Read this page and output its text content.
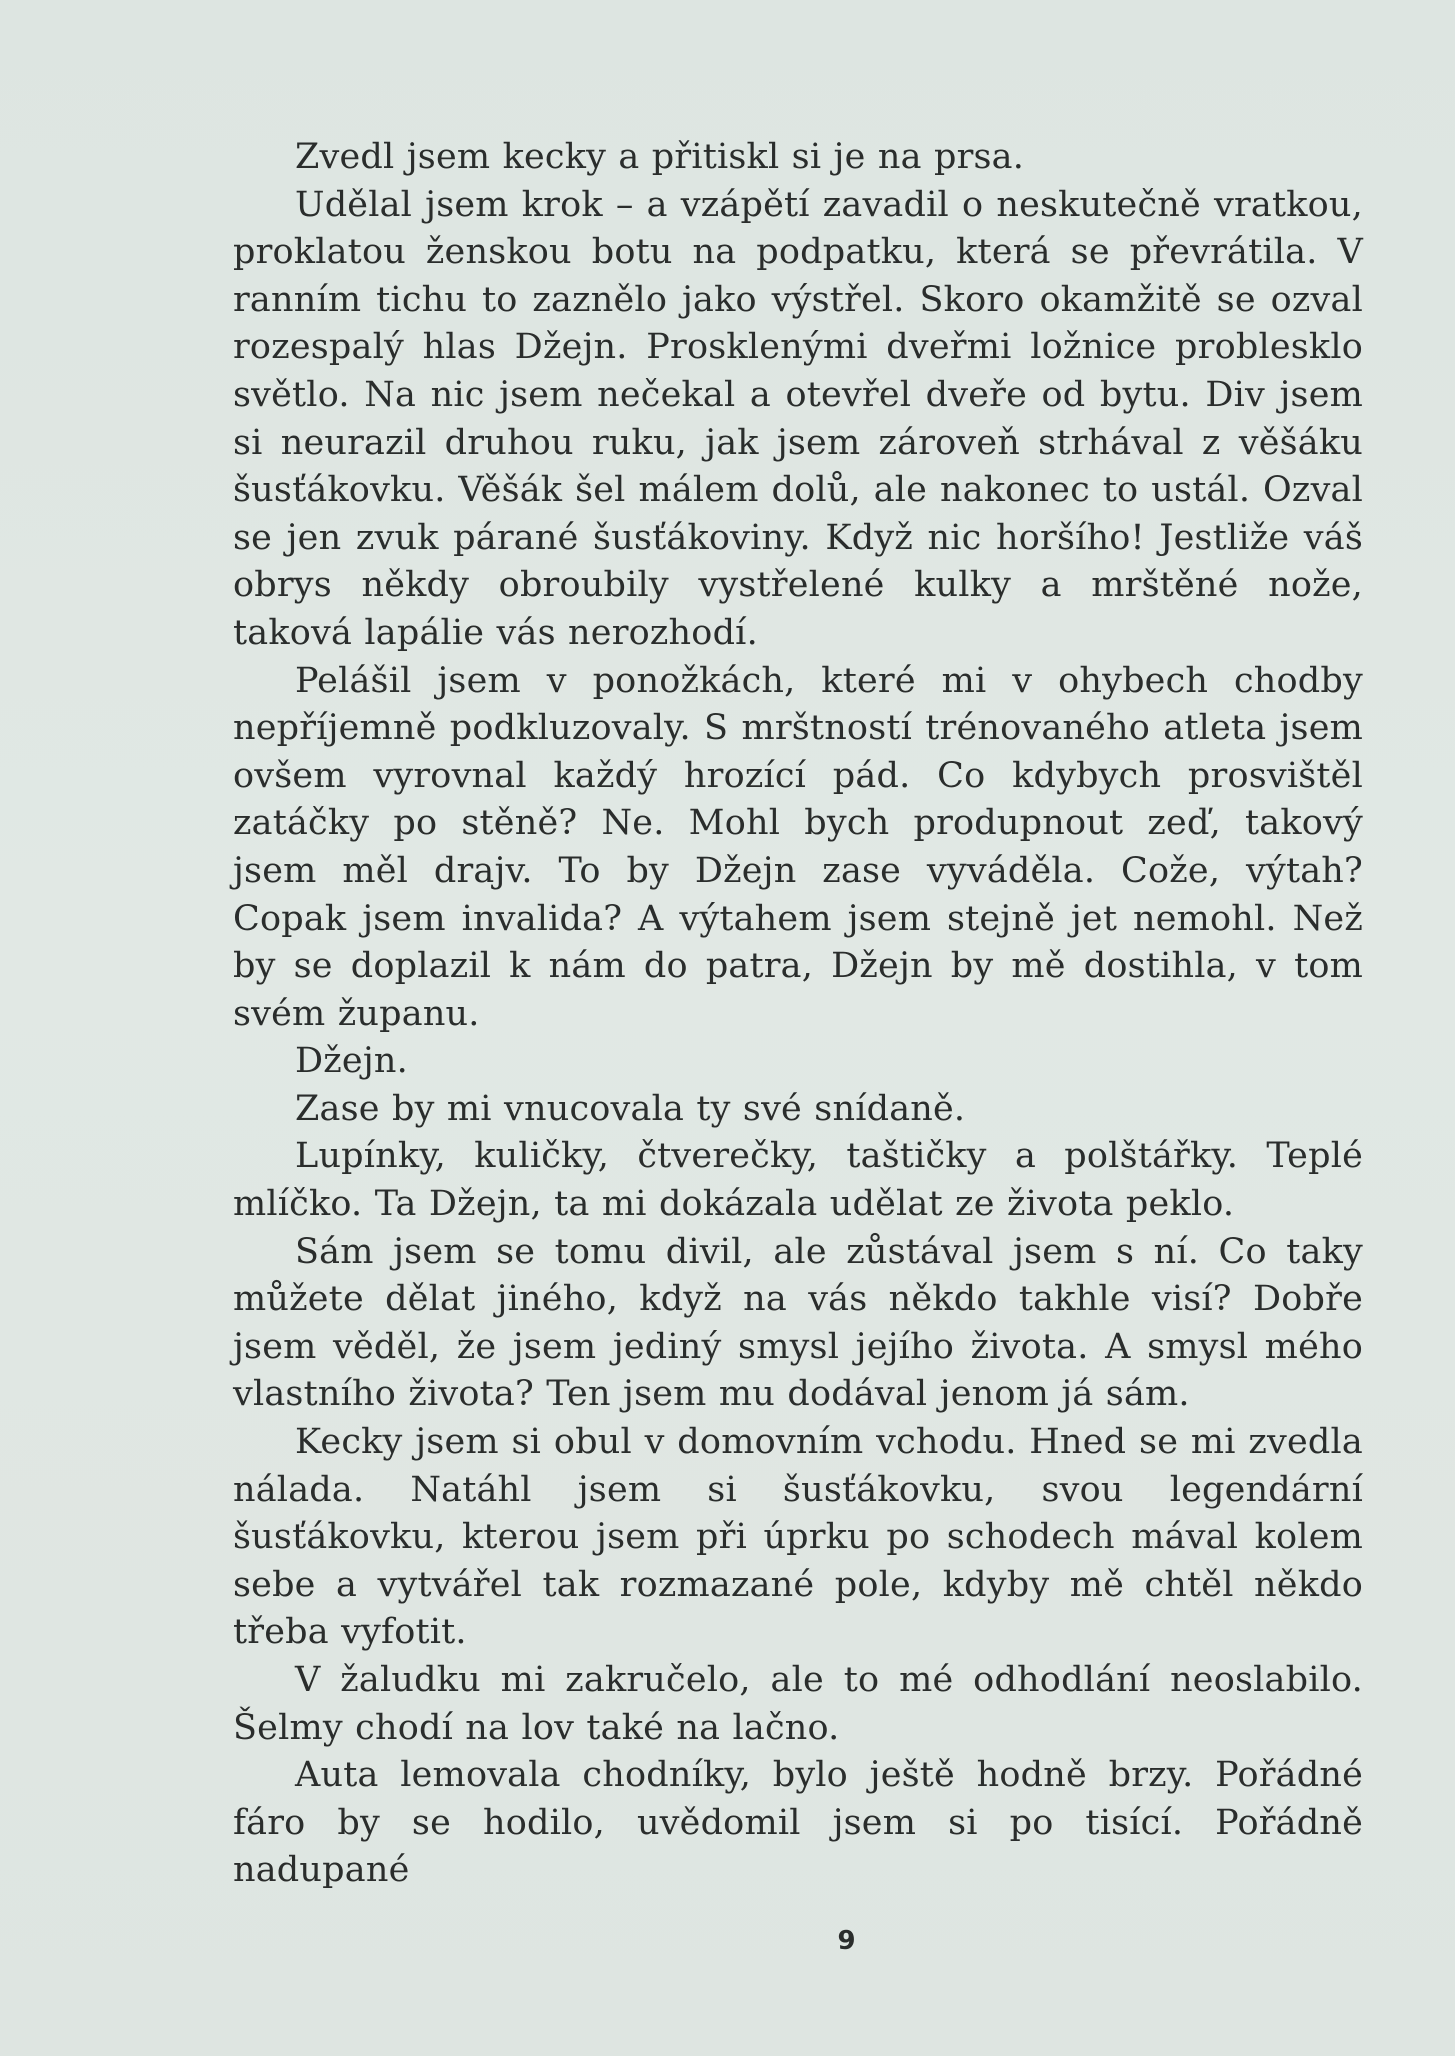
Zvedl jsem kecky a přitiskl si je na prsa.

Udělal jsem krok – a vzápětí zavadil o neskutečně vratkou, proklatou ženskou botu na podpatku, která se převrátila. V ranním tichu to zaznělo jako výstřel. Skoro okamžitě se ozval rozespalý hlas Džejn. Prosklenými dveřmi ložnice problesklo světlo. Na nic jsem nečekal a otevřel dveře od bytu. Div jsem si neurazil druhou ruku, jak jsem zároveň strhával z věšáku šusťákovku. Věšák šel málem dolů, ale nakonec to ustál. Ozval se jen zvuk párané šusťákoviny. Když nic horšího! Jestliže váš obrys někdy obroubily vystřelené kulky a mrštěné nože, taková lapálie vás nerozhodí.

Pelášil jsem v ponožkách, které mi v ohybech chodby nepříjemně podkluzovaly. S mrštností trénovaného atleta jsem ovšem vyrovnal každý hrozící pád. Co kdybych prosvištěl zatáčky po stěně? Ne. Mohl bych produpnout zeď, takový jsem měl drajv. To by Džejn zase vyváděla. Cože, výtah? Copak jsem invalida? A výtahem jsem stejně jet nemohl. Než by se doplazil k nám do patra, Džejn by mě dostihla, v tom svém županu.

Džejn.

Zase by mi vnucovala ty své snídaně.

Lupínky, kuličky, čtverečky, taštičky a polštářky. Teplé mlíčko. Ta Džejn, ta mi dokázala udělat ze života peklo.

Sám jsem se tomu divil, ale zůstával jsem s ní. Co taky můžete dělat jiného, když na vás někdo takhle visí? Dobře jsem věděl, že jsem jediný smysl jejího života. A smysl mého vlastního života? Ten jsem mu dodával jenom já sám.

Kecky jsem si obul v domovním vchodu. Hned se mi zvedla nálada. Natáhl jsem si šusťákovku, svou legendární šusťákovku, kterou jsem při úprku po schodech mával kolem sebe a vytvářel tak rozmazané pole, kdyby mě chtěl někdo třeba vyfotit.

V žaludku mi zakručelo, ale to mé odhodlání neoslabilo. Šelmy chodí na lov také na lačno.

Auta lemovala chodníky, bylo ještě hodně brzy. Pořádné fáro by se hodilo, uvědomil jsem si po tisící. Pořádně nadupané

9
